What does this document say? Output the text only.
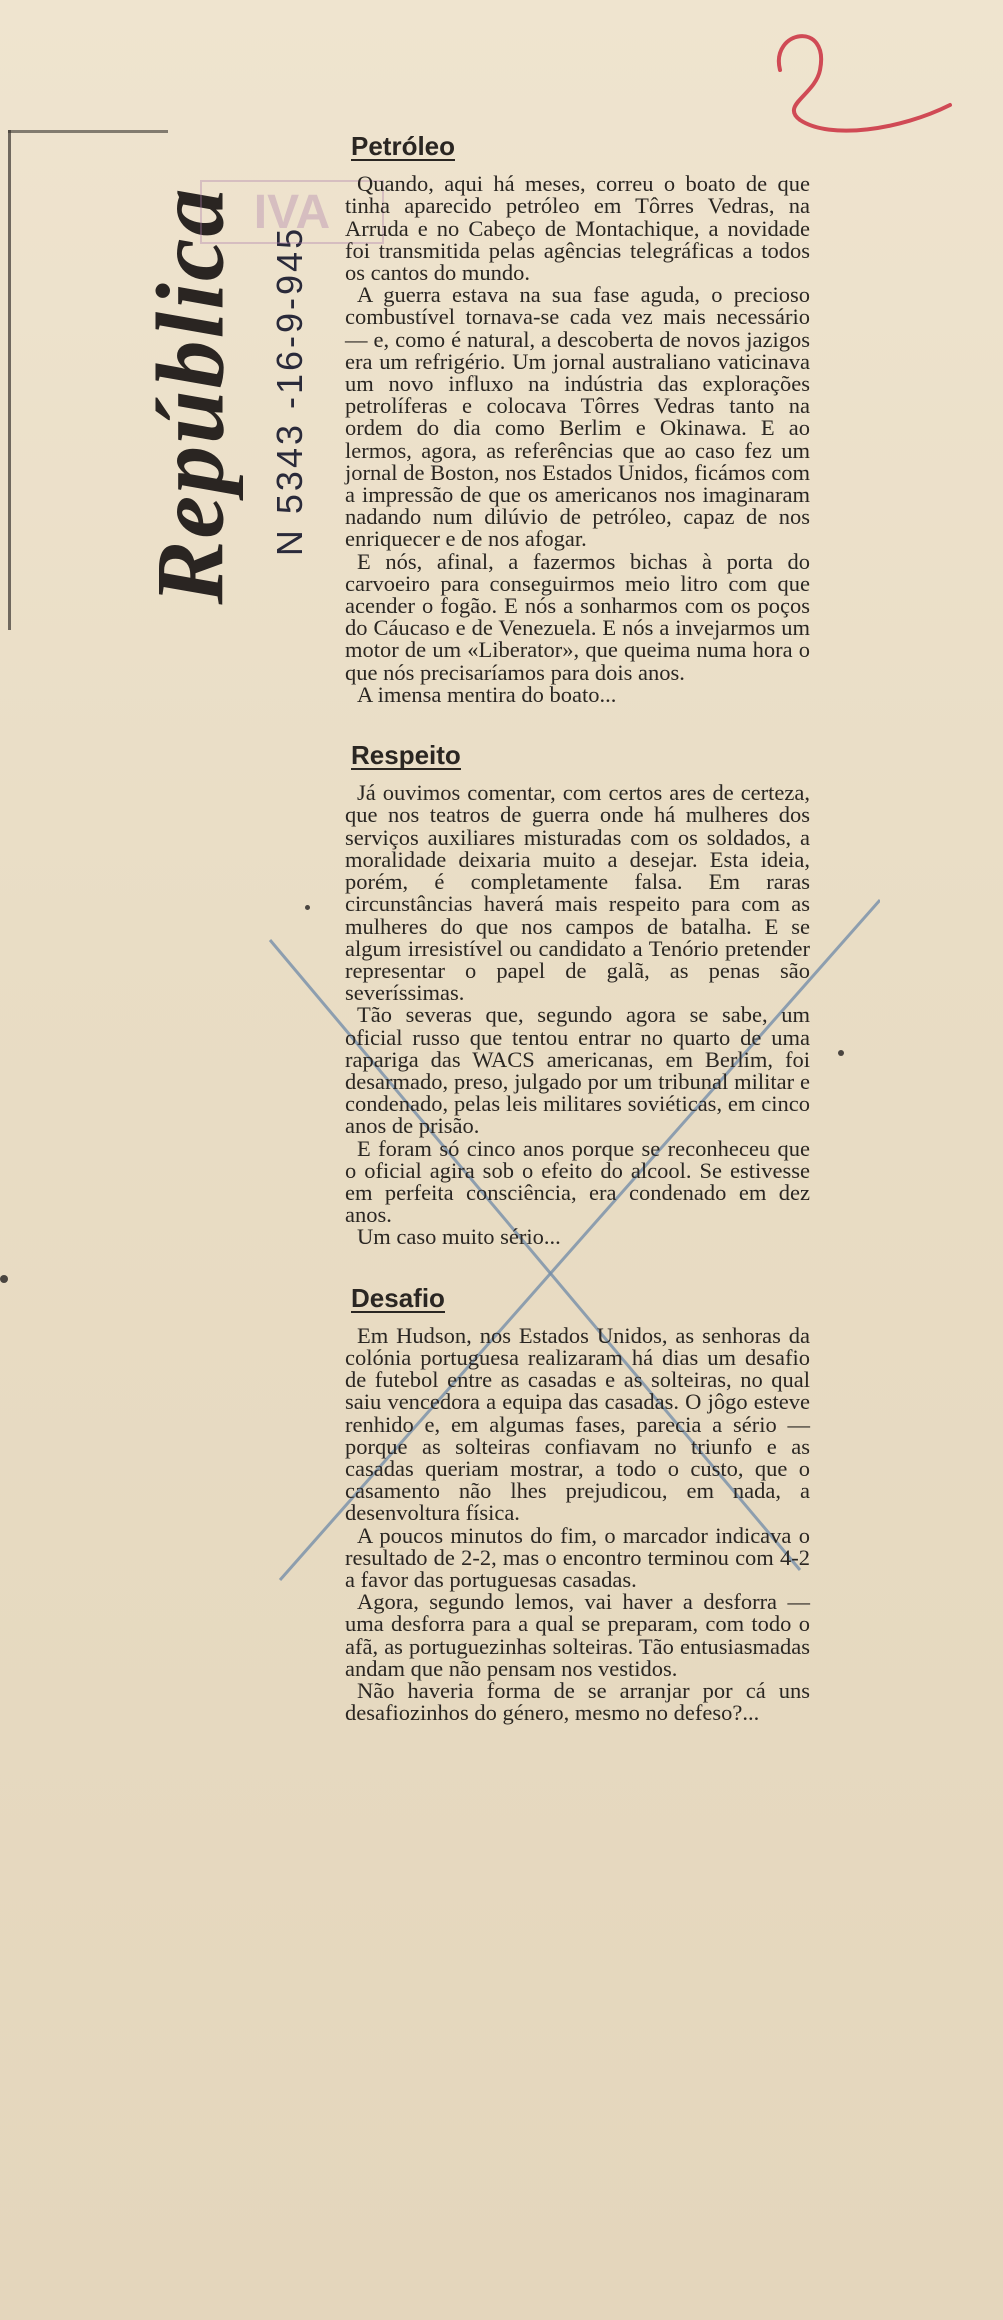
República N 5343 -16-9-945
IVA
Petróleo

Quando, aqui há meses, correu o boato de que tinha aparecido petróleo em Tôrres Vedras, na Arruda e no Cabeço de Montachique, a novidade foi transmitida pelas agências telegráficas a todos os cantos do mundo.

A guerra estava na sua fase aguda, o precioso combustível tornava-se cada vez mais necessário — e, como é natural, a descoberta de novos jazigos era um refrigério. Um jornal australiano vaticinava um novo influxo na indústria das explorações petrolíferas e colocava Tôrres Vedras tanto na ordem do dia como Berlim e Okinawa. E ao lermos, agora, as referências que ao caso fez um jornal de Boston, nos Estados Unidos, ficámos com a impressão de que os americanos nos imaginaram nadando num dilúvio de petróleo, capaz de nos enriquecer e de nos afogar.

E nós, afinal, a fazermos bichas à porta do carvoeiro para conseguirmos meio litro com que acender o fogão. E nós a sonharmos com os poços do Cáucaso e de Venezuela. E nós a invejarmos um motor de um «Liberator», que queima numa hora o que nós precisaríamos para dois anos.

A imensa mentira do boato...

Respeito

Já ouvimos comentar, com certos ares de certeza, que nos teatros de guerra onde há mulheres dos serviços auxiliares misturadas com os soldados, a moralidade deixaria muito a desejar. Esta ideia, porém, é completamente falsa. Em raras circunstâncias haverá mais respeito para com as mulheres do que nos campos de batalha. E se algum irresistível ou candidato a Tenório pretender representar o papel de galã, as penas são severíssimas.

Tão severas que, segundo agora se sabe, um oficial russo que tentou entrar no quarto de uma rapariga das WACS americanas, em Berlim, foi desarmado, preso, julgado por um tribunal militar e condenado, pelas leis militares soviéticas, em cinco anos de prisão.

E foram só cinco anos porque se reconheceu que o oficial agira sob o efeito do alcool. Se estivesse em perfeita consciência, era condenado em dez anos.

Um caso muito sério...

Desafio

Em Hudson, nos Estados Unidos, as senhoras da colónia portuguesa realizaram há dias um desafio de futebol entre as casadas e as solteiras, no qual saiu vencedora a equipa das casadas. O jôgo esteve renhido e, em algumas fases, parecia a sério — porque as solteiras confiavam no triunfo e as casadas queriam mostrar, a todo o custo, que o casamento não lhes prejudicou, em nada, a desenvoltura física.

A poucos minutos do fim, o marcador indicava o resultado de 2-2, mas o encontro terminou com 4-2 a favor das portuguesas casadas.

Agora, segundo lemos, vai haver a desforra — uma desforra para a qual se preparam, com todo o afã, as portuguezinhas solteiras. Tão entusiasmadas andam que não pensam nos vestidos.

Não haveria forma de se arranjar por cá uns desafiozinhos do género, mesmo no defeso?...
